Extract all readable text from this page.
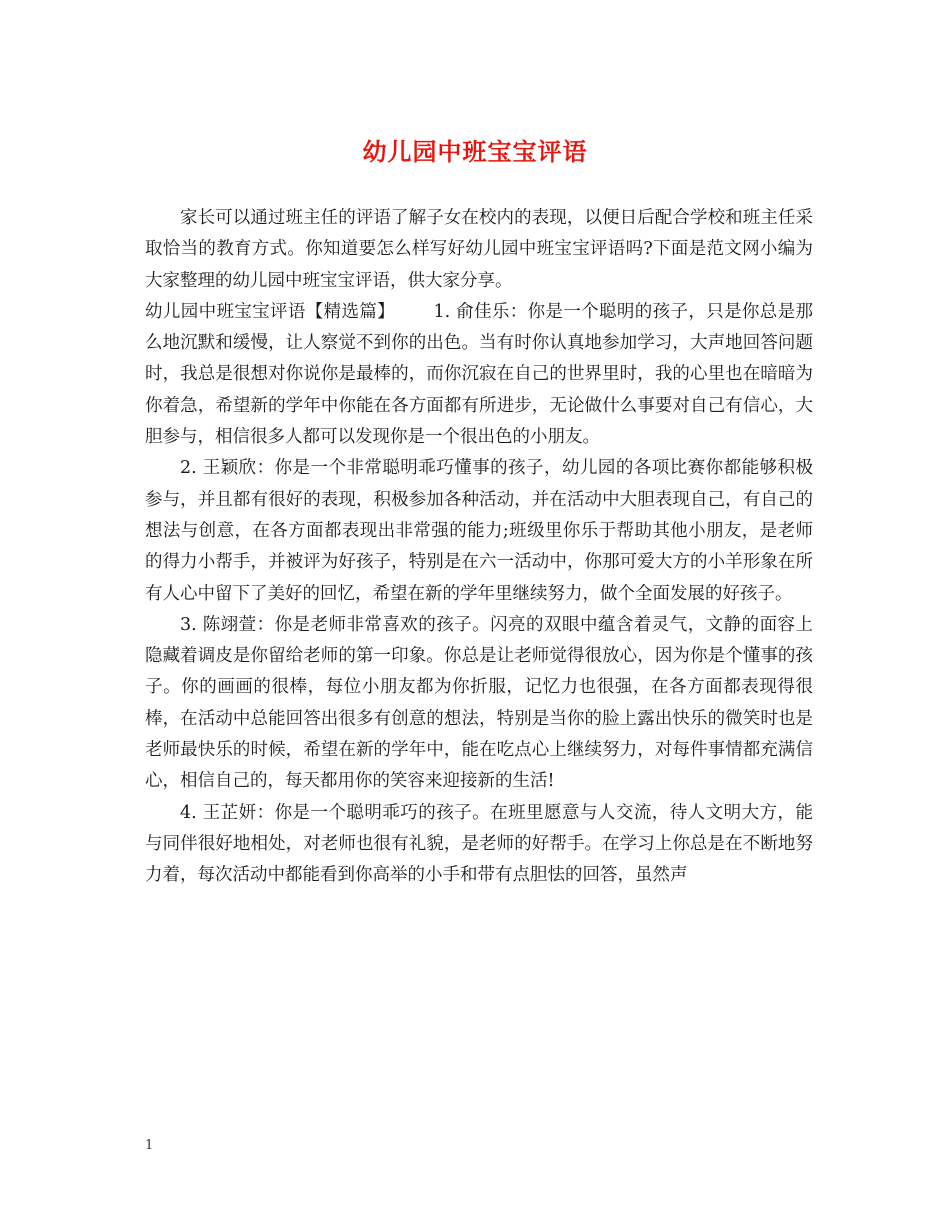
幼儿园中班宝宝评语

家长可以通过班主任的评语了解子女在校内的表现，以便日后配合学校和班主任采取恰当的教育方式。你知道要怎么样写好幼儿园中班宝宝评语吗?下面是范文网小编为大家整理的幼儿园中班宝宝评语，供大家分享。

幼儿园中班宝宝评语【精选篇】 1. 俞佳乐：你是一个聪明的孩子，只是你总是那么地沉默和缓慢，让人察觉不到你的出色。当有时你认真地参加学习，大声地回答问题时，我总是很想对你说你是最棒的，而你沉寂在自己的世界里时，我的心里也在暗暗为你着急，希望新的学年中你能在各方面都有所进步，无论做什么事要对自己有信心，大胆参与，相信很多人都可以发现你是一个很出色的小朋友。

2. 王颖欣：你是一个非常聪明乖巧懂事的孩子，幼儿园的各项比赛你都能够积极参与，并且都有很好的表现，积极参加各种活动，并在活动中大胆表现自己，有自己的想法与创意，在各方面都表现出非常强的能力;班级里你乐于帮助其他小朋友，是老师的得力小帮手，并被评为好孩子，特别是在六一活动中，你那可爱大方的小羊形象在所有人心中留下了美好的回忆，希望在新的学年里继续努力，做个全面发展的好孩子。

3. 陈翊萱：你是老师非常喜欢的孩子。闪亮的双眼中蕴含着灵气，文静的面容上隐藏着调皮是你留给老师的第一印象。你总是让老师觉得很放心，因为你是个懂事的孩子。你的画画的很棒，每位小朋友都为你折服，记忆力也很强，在各方面都表现得很棒，在活动中总能回答出很多有创意的想法，特别是当你的脸上露出快乐的微笑时也是老师最快乐的时候，希望在新的学年中，能在吃点心上继续努力，对每件事情都充满信心，相信自己的，每天都用你的笑容来迎接新的生活!

4. 王芷妍：你是一个聪明乖巧的孩子。在班里愿意与人交流，待人文明大方，能与同伴很好地相处，对老师也很有礼貌，是老师的好帮手。在学习上你总是在不断地努力着，每次活动中都能看到你高举的小手和带有点胆怯的回答，虽然声

1
